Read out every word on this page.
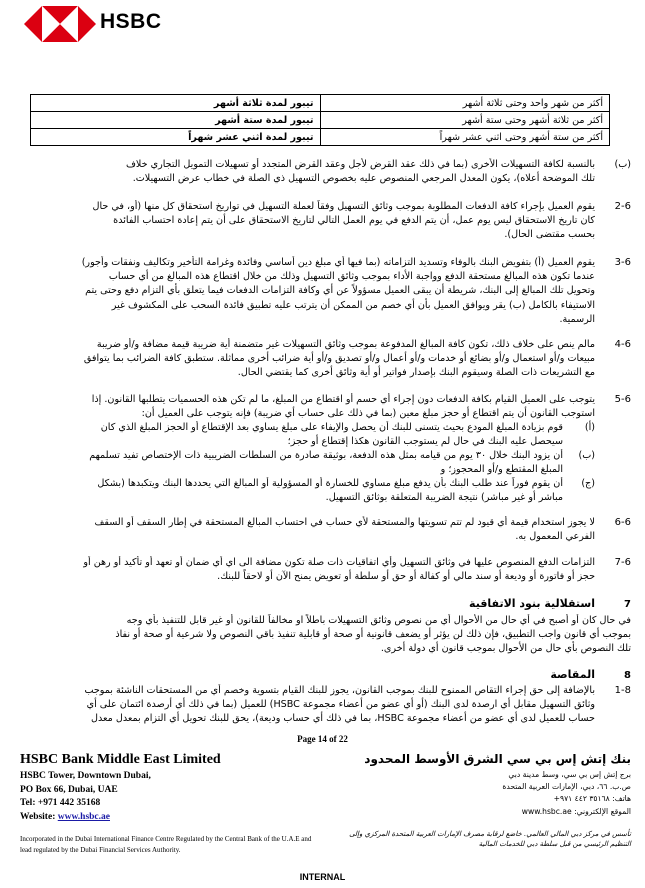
HSBC
أكثر من شهر واحد وحتى ثلاثة أشهر	تيبور لمدة ثلاثة أشهر
أكثر من ثلاثة أشهر وحتى ستة أشهر	تيبور لمدة ستة أشهر
أكثر من ستة أشهر وحتى اثني عشر شهراً	تيبور لمدة اثني عشر شهراً
(ب)
بالنسبة لكافة التسهيلات الأخرى (بما في ذلك عقد القرض لأجل وعقد القرض المتجدد أو تسهيلات التمويل التجاري خلاف
تلك الموضحة أعلاه)، يكون المعدل المرجعي المنصوص عليه بخصوص التسهيل ذي الصلة في خطاب عرض التسهيلات.
2-6
يقوم العميل بإجراء كافة الدفعات المطلوبة بموجب وثائق التسهيل وفقاً لعملة التسهيل في تواريخ استحقاق كل منها (أو، في حال
كان تاريخ الاستحقاق ليس يوم عمل، أن يتم الدفع في يوم العمل التالي لتاريخ الاستحقاق على أن يتم إعادة احتساب الفائدة
بحسب مقتضى الحال).
3-6
يقوم العميل (أ) بتفويض البنك بالوفاء وتسديد التزاماته (بما فيها أي مبلغ دين أساسي وفائدة وغرامة التأخير وتكاليف ونفقات وأجور)
عندما تكون هذه المبالغ مستحقة الدفع وواجبة الأداء بموجب وثائق التسهيل وذلك من خلال اقتطاع هذه المبالغ من أي حساب
وتحويل تلك المبالغ إلى البنك، شريطة أن يبقى العميل مسؤولاً عن أي وكافة التزامات الدفعات فيما يتعلق بأي التزام دفع وحتى يتم
الاستيفاء بالكامل (ب) يقر ويوافق العميل بأن أي خصم من الممكن أن يترتب عليه تطبيق فائدة السحب على المكشوف غير
الرسمية.
4-6
مالم ينص على خلاف ذلك، تكون كافة المبالغ المدفوعة بموجب وثائق التسهيلات غير متضمنة أية ضريبة قيمة مضافة و/أو ضريبة
مبيعات و/أو استعمال و/أو بضائع أو خدمات و/أو أعمال و/أو تصديق و/أو أية ضرائب أخرى مماثلة. ستطبق كافة الضرائب بما يتوافق
مع التشريعات ذات الصلة وسيقوم البنك بإصدار فواتير أو أية وثائق أخرى كما يقتضي الحال.
5-6
يتوجب على العميل القيام بكافة الدفعات دون إجراء أي حسم أو اقتطاع من المبلغ، ما لم تكن هذه الحسميات يتطلبها القانون. إذا
استوجب القانون أن يتم اقتطاع أو حجز مبلغ معين (بما في ذلك على حساب أي ضريبة) فإنه يتوجب على العميل أن:
(أ)
قوم بزيادة المبلغ المودع بحيث يتسنى للبنك أن يحصل والإيفاء على مبلغ يساوي بعد الإقتطاع أو الحجز المبلغ الذي كان
سيحصل عليه البنك في حال لم يستوجب القانون هكذا إقتطاع أو حجز؛
(ب)
أن يزود البنك خلال ٣٠ يوم من قيامه بمثل هذه الدفعة، بوثيقة صادرة من السلطات الضريبية ذات الإختصاص تفيد تسلمهم
المبلغ المقتطع و/أو المحجوز؛ و
(ج)
أن يقوم فوراً عند طلب البنك بأن يدفع مبلغ مساوي للخسارة أو المسؤولية أو المبالغ التي يحددها البنك ويتكبدها (بشكل
مباشر أو غير مباشر) نتيجة الضريبة المتعلقة بوثائق التسهيل.
6-6
لا يجوز استخدام قيمة أي قيود لم تتم تسويتها والمستحقة لأي حساب في احتساب المبالغ المستحقة في إطار السقف أو السقف
الفرعي المعمول به.
7-6
التزامات الدفع المنصوص عليها في وثائق التسهيل وأي اتفاقيات ذات صلة تكون مضافة الى اي أي ضمان أو تعهد أو تأكيد أو رهن أو
حجز أو فاتورة أو وديعة أو سند مالي أو كفالة أو حق أو سلطة أو تعويض يمنح الآن أو لاحقاً للبنك.
7
استقلالية بنود الاتفاقية
في حال كان أو أصبح في أي حال من الأحوال أي من نصوص وثائق التسهيلات باطلاً او مخالفاً للقانون أو غير قابل للتنفيذ بأي وجه
بموجب أي قانون واجب التطبيق، فإن ذلك لن يؤثر أو يضعف قانونية أو صحة أو قابلية تنفيذ باقي النصوص ولا شرعية أو صحة أو نفاذ
تلك النصوص بأي حال من الأحوال بموجب قانون أي دولة أخرى.
8
المقاصة
1-8
بالإضافة إلى حق إجراء التقاص الممنوح للبنك بموجب القانون، يجوز للبنك القيام بتسوية وخصم أي من المستحقات الناشئة بموجب
وثائق التسهيل مقابل أي ارصدة لدى البنك (أو أي عضو من أعضاء مجموعة HSBC) للعميل (بما في ذلك أي أرصدة ائتمان على أي
حساب للعميل لدى أي عضو من أعضاء مجموعة HSBC، بما في ذلك أي حساب وديعة)، يحق للبنك تحويل أي التزام بمعدل معدل
Page 14 of 22
HSBC Bank Middle East Limited
HSBC Tower, Downtown Dubai,
PO Box 66, Dubai, UAE
Tel: +971 442 35168
Website: www.hsbc.ae
Incorporated in the Dubai International Finance Centre Regulated by the Central Bank of the U.A.E and lead regulated by the Dubai Financial Services Authority.
بنك إتش إس بي سي الشرق الأوسط المحدود
برج إتش إس بي سي، وسط مدينة دبي
ص.ب. ٦٦، دبي، الإمارات العربية المتحدة
هاتف: ٣٥١٦٨ ٤٤٢ ٩٧١+
الموقع الإلكتروني: www.hsbc.ae
تأسس في مركز دبي المالي العالمي. خاضع لرقابة مصرف الإمارات العربية المتحدة المركزي وإلى التنظيم الرئيسي من قبل سلطة دبي للخدمات المالية
INTERNAL
